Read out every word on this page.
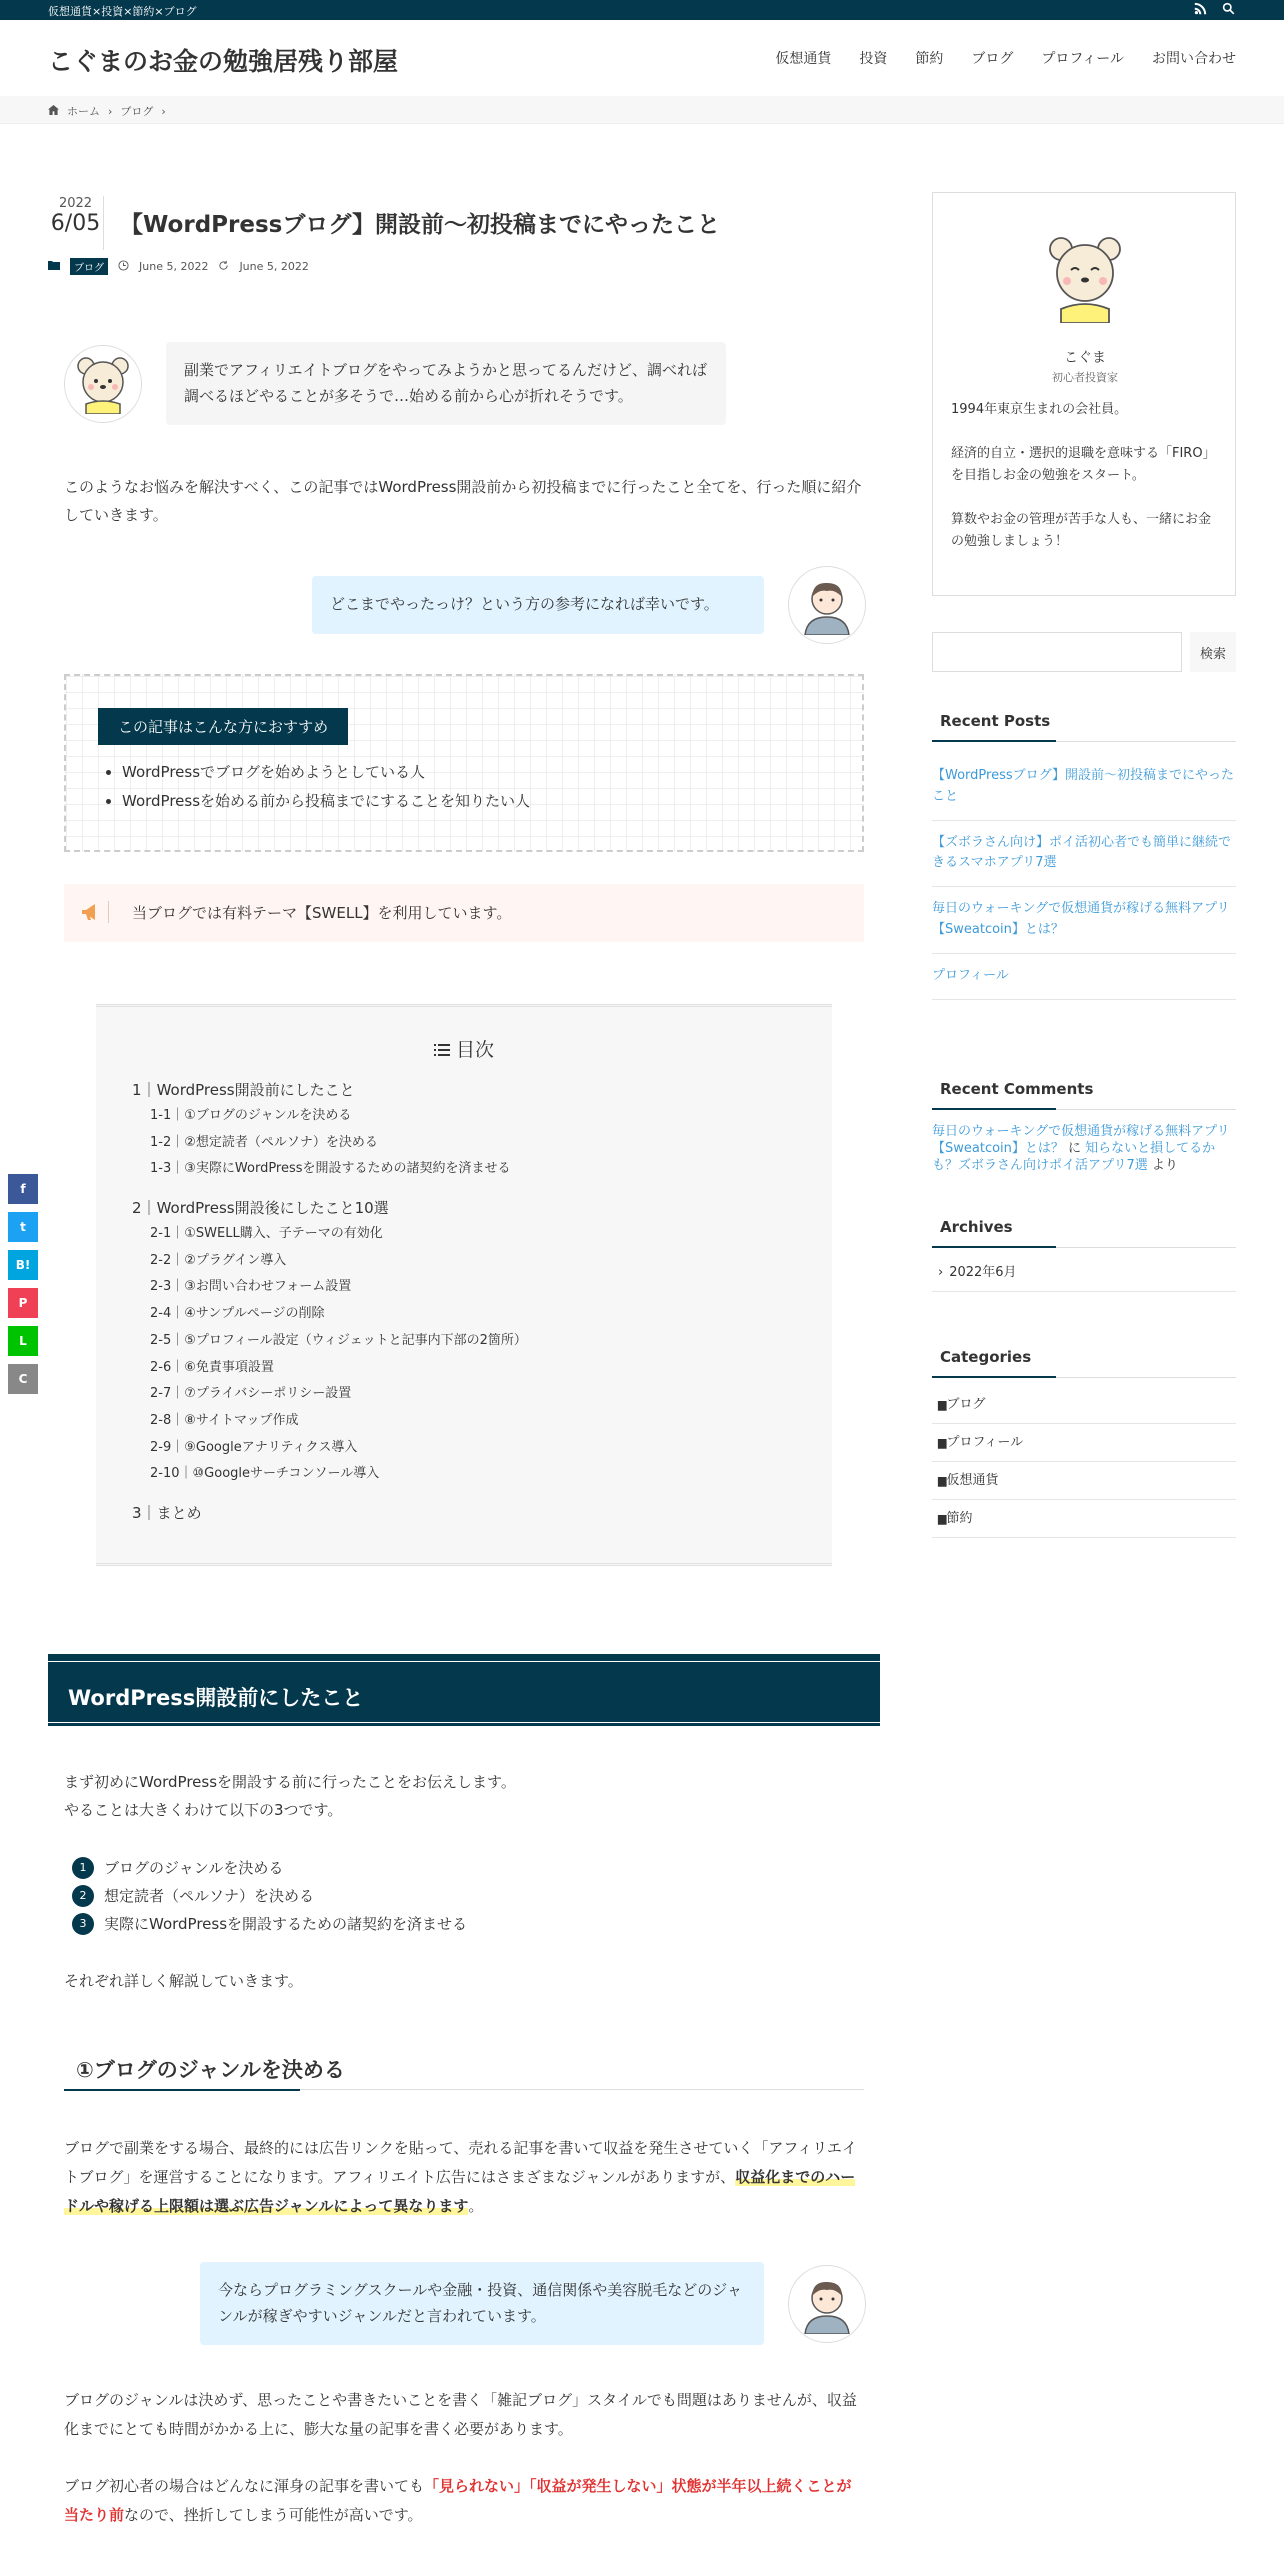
仮想通貨×投資×節約×ブログ
こぐまのお金の勉強居残り部屋	仮想通貨 投資 節約 ブログ プロフィール お問い合わせ
ホーム › ブログ ›
2022
6/05 【WordPressブログ】開設前〜初投稿までにやったこと
ブログ	June 5, 2022	June 5, 2022
副業でアフィリエイトブログをやってみようかと思ってるんだけど、調べれば調べるほどやることが多そうで…始める前から心が折れそうです。

このようなお悩みを解決すべく、この記事ではWordPress開設前から初投稿までに行ったこと全てを、行った順に紹介していきます。

どこまでやったっけ？という方の参考になれば幸いです。
この記事はこんな方におすすめ
• WordPressでブログを始めようとしている人
• WordPressを始める前から投稿までにすることを知りたい人
当ブログでは有料テーマ【SWELL】を利用しています。
目次
1｜WordPress開設前にしたこと
1-1｜①ブログのジャンルを決める
1-2｜②想定読者（ペルソナ）を決める
1-3｜③実際にWordPressを開設するための諸契約を済ませる
2｜WordPress開設後にしたこと10選
2-1｜①SWELL購入、子テーマの有効化
2-2｜②プラグイン導入
2-3｜③お問い合わせフォーム設置
2-4｜④サンプルページの削除
2-5｜⑤プロフィール設定（ウィジェットと記事内下部の2箇所）
2-6｜⑥免責事項設置
2-7｜⑦プライバシーポリシー設置
2-8｜⑧サイトマップ作成
2-9｜⑨Googleアナリティクス導入
2-10｜⑩Googleサーチコンソール導入
3｜まとめ
WordPress開設前にしたこと

まず初めにWordPressを開設する前に行ったことをお伝えします。
やることは大きくわけて以下の3つです。

1	ブログのジャンルを決める
2	想定読者（ペルソナ）を決める
3	実際にWordPressを開設するための諸契約を済ませる

それぞれ詳しく解説していきます。

①ブログのジャンルを決める

ブログで副業をする場合、最終的には広告リンクを貼って、売れる記事を書いて収益を発生させていく「アフィリエイトブログ」を運営することになります。アフィリエイト広告にはさまざまなジャンルがありますが、収益化までのハードルや稼げる上限額は選ぶ広告ジャンルによって異なります。

今ならプログラミングスクールや金融・投資、通信関係や美容脱毛などのジャンルが稼ぎやすいジャンルだと言われています。

ブログのジャンルは決めず、思ったことや書きたいことを書く「雑記ブログ」スタイルでも問題はありませんが、収益化までにとても時間がかかる上に、膨大な量の記事を書く必要があります。

ブログ初心者の場合はどんなに渾身の記事を書いても「見られない」「収益が発生しない」状態が半年以上続くことが当たり前なので、挫折してしまう可能性が高いです。

こぐま
初心者投資家

1994年東京生まれの会社員。

経済的自立・選択的退職を意味する「FIRO」を目指しお金の勉強をスタート。

算数やお金の管理が苦手な人も、一緒にお金の勉強しましょう！

検索
Recent Posts
【WordPressブログ】開設前〜初投稿までにやったこと
【ズボラさん向け】ポイ活初心者でも簡単に継続できるスマホアプリ7選
毎日のウォーキングで仮想通貨が稼げる無料アプリ【Sweatcoin】とは？
プロフィール
Recent Comments
毎日のウォーキングで仮想通貨が稼げる無料アプリ【Sweatcoin】とは？ に 知らないと損してるかも？ズボラさん向けポイ活アプリ7選 より
Archives
› 2022年6月
Categories
▆ブログ
▆プロフィール
▆仮想通貨
▆節約
f
t
B!
P
L
C
